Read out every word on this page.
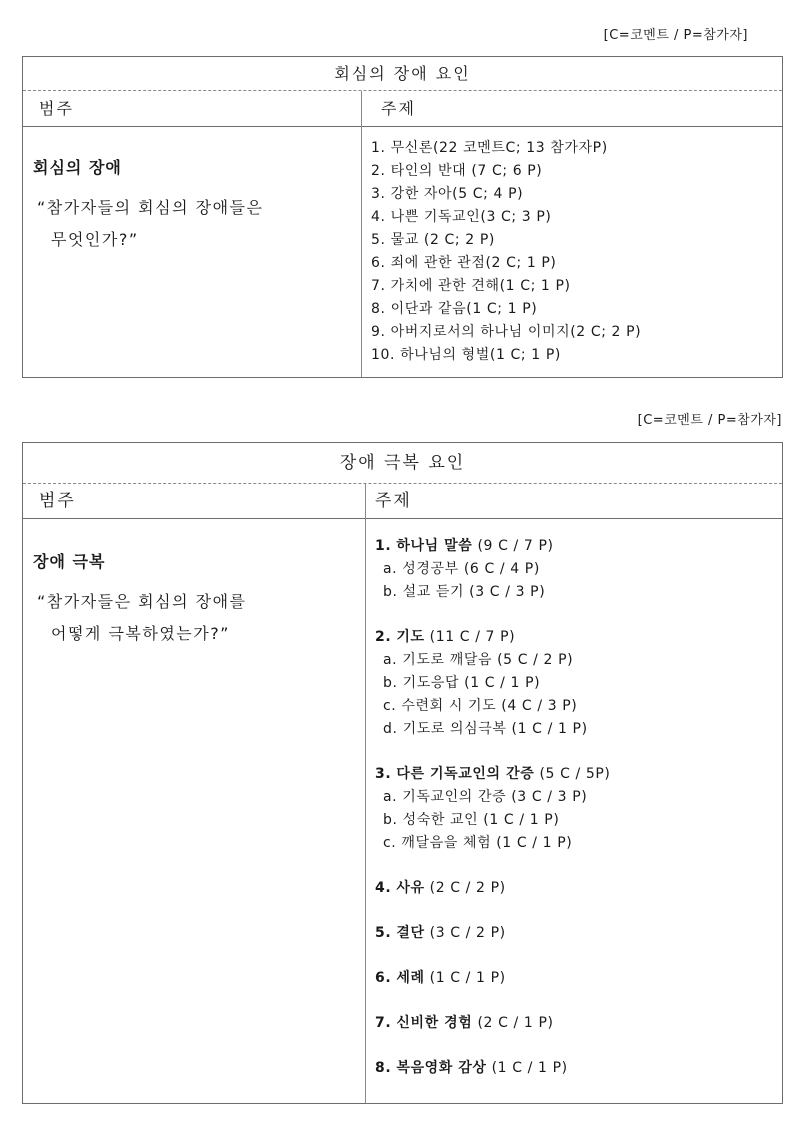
[C=코멘트 / P=참가자]
회심의 장애 요인
범주	주제
회심의 장애
“참가자들의 회심의 장애들은
무엇인가?”
1. 무신론(22 코멘트C; 13 참가자P)
2. 타인의 반대 (7 C; 6 P)
3. 강한 자아(5 C; 4 P)
4. 나쁜 기독교인(3 C; 3 P)
5. 물교 (2 C; 2 P)
6. 죄에 관한 관점(2 C; 1 P)
7. 가치에 관한 견해(1 C; 1 P)
8. 이단과 같음(1 C; 1 P)
9. 아버지로서의 하나님 이미지(2 C; 2 P)
10. 하나님의 형벌(1 C; 1 P)
[C=코멘트 / P=참가자]
장애 극복 요인
범주	주제
장애 극복
“참가자들은 회심의 장애를
어떻게 극복하였는가?”
1. 하나님 말씀 (9 C / 7 P)
a. 성경공부 (6 C / 4 P)
b. 설교 듣기 (3 C / 3 P)
2. 기도 (11 C / 7 P)
a. 기도로 깨달음 (5 C / 2 P)
b. 기도응답 (1 C / 1 P)
c. 수련회 시 기도 (4 C / 3 P)
d. 기도로 의심극복 (1 C / 1 P)
3. 다른 기독교인의 간증 (5 C / 5P)
a. 기독교인의 간증 (3 C / 3 P)
b. 성숙한 교인 (1 C / 1 P)
c. 깨달음을 체험 (1 C / 1 P)
4. 사유 (2 C / 2 P)
5. 결단 (3 C / 2 P)
6. 세례 (1 C / 1 P)
7. 신비한 경험 (2 C / 1 P)
8. 복음영화 감상 (1 C / 1 P)
